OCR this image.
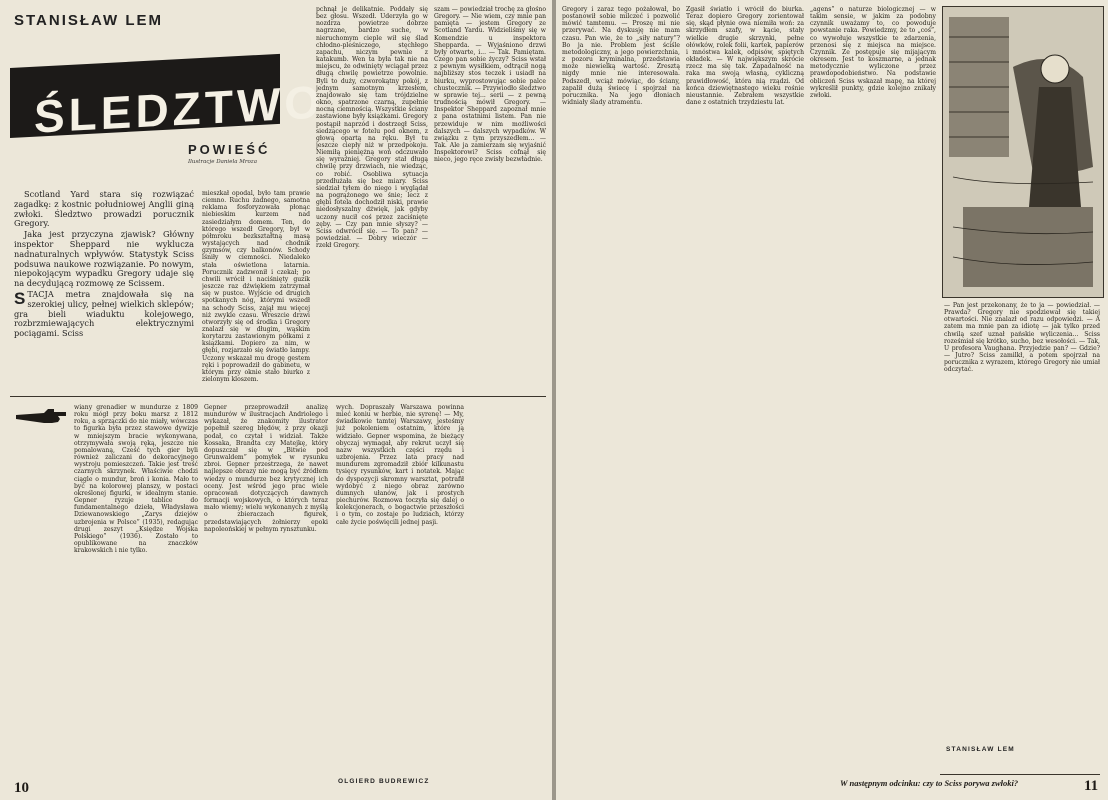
STANISŁAW LEM
ŚLEDZTWO
POWIEŚĆ
Ilustracje Daniela Mroza

Scotland Yard stara się rozwiązać zagadkę: z kostnic południowej Anglii giną zwłoki. Śledztwo prowadzi porucznik Gregory.

Jaka jest przyczyna zjawisk? Główny inspektor Sheppard nie wyklucza nadnaturalnych wpływów. Statystyk Sciss podsuwa naukowe rozwiązanie. Po nowym, niepokojącym wypadku Gregory udaje się na decydującą rozmowę ze Scissem.

STACJA metra znajdowała się na szerokiej ulicy, pełnej wielkich sklepów; gra bieli wiaduktu kolejowego, rozbrzmiewających elektrycznymi pociągami. Sciss

mieszkał opodal, było tam prawie ciemno. Ruchu żadnego, samotna reklama fosforyzowała płonąc niebieskim kurzem nad zasiedziałym domem. Ten, do którego wszedł Gregory, był w półmroku bezkształtną masą wystających nad chodnik gzymsów, czy balkonów. Schody lśniły w ciemności. Niedaleko stała oświetlona latarnia. Porucznik zadzwonił i czekał; po chwili wrócił i naciśnięty guzik jeszcze raz dźwiękiem zatrzymał się w pustce. Wyjście od drugich spotkanych nóg, którymi wszedł na schody Sciss, zajął mu więcej niż zwykle czasu. Wreszcie drzwi otworzyły się od środka i Gregory znalazł się w długim, wąskim korytarzu zastawionym półkami z książkami. Dopiero za nim, w głębi, rozjarzało się światło lampy. Uczony wskazał mu drogę gestem ręki i poprowadził do gabinetu, w którym przy oknie stało biurko z zielonym kloszem.
pchnął je delikatnie. Poddały się bez głosu. Wszedł. Uderzyła go w nozdrza powietrze dobrze nagrzane, bardzo suche, w nieruchomym cieple wił się ślad chłodno-pleśniczego, stęchłego zapachu, niczym pewnie z katakumb. Wen ta była tak nie na miejscu, że odwinięty wciągał przez długą chwilę powietrze powolnie. Byli to duży, czworokątny pokój, z jednym samotnym krzesłem, znajdowało się tam trójdzielne okno, spatrzone czarną, zupełnie nocną ciemnością. Wszystkie ściany zastawione były książkami. Gregory postąpił naprzód i dostrzegł Sciss, siedzącego w fotelu pod oknem, z głową opartą na ręku. Był tu jeszcze ciepły niż w przedpokoju. Niemiłą pieniężną woń odczuwało się wyraźniej. Gregory stał długą chwilę przy drzwiach, nie wiedząc, co robić. Osobliwa sytuacja przedłużała się bez miary. Sciss siedział tyłem do niego i wyglądał na pogrążonego we śnie; lecz z głębi fotela dochodził niski, prawie niedosłyszalny dźwięk, jak gdyby uczony nucił coś przez zaciśnięte zęby. — Czy pan mnie słyszy? — Sciss odwrócił się. — To pan? — powiedział. — Dobry wieczór — rzekł Gregory.
szam — powiedział trochę za głośno Gregory. — Nie wiem, czy mnie pan pamięta — jestem Gregory ze Scotland Yardu. Widzieliśmy się w Komendzie u inspektora Shepparda. — Wyjaśniono drzwi były otwarte, i... — Tak. Pamiętam. Czego pan sobie życzy? Sciss wstał z pewnym wysiłkiem, odtrącił nogą najbliższy stos teczek i usiadł na biurku, wyprostowując sobie palce chustecznik. — Przywiodło śledztwo w sprawie tej... serii — z pewną trudnością mówił Gregory. — Inspektor Sheppard zapoznał mnie z pana ostatnimi listem. Pan nie przewiduje w nim możliwości dalszych — dalszych wypadków. W związku z tym przyszedłem... — Tak. Ale ja zamierzam się wyjaśnić Inspektorowi? Sciss cofnął się nieco, jego ręce zwisły bezwładnie.
wiany grenadier w mundurze z 1809 roku mógł przy boku marsz z 1812 roku, a sprzączki do nie miały, wówczas to figurka była przez stawowe dywizje w mniejszym bracie wykonywana, otrzymywała swoją ręką, jeszcze nie pomalowaną, Cześć tych gier byli również zaliczani do dekoracyjnego wystroju pomieszczeń. Takie jest treść czarnych skrzynek. Właściwie chodzi ciągle o mundur, broń i konia. Mało to być na kolorowej planszy, w postaci określonej figurki, w idealnym stanie. Gepner ryzuje tablice do fundamentalnego dzieła, Władysława Dziewanowskiego „Zarys dziejów uzbrojenia w Polsce” (1935), redagując drugi zeszyt „Księdze Wojska Polskiego” (1936). Zostało to opublikowane na znaczków krakowskich i nie tylko.
Gepner przeprowadził analizę mundurów w ilustracjach Andriolego i wykazał, że znakomity ilustrator popełnił szereg błędów, z przy okazji podał, co czytał i widział. Także Kossaka, Brandta czy Matejkę, który dopuszczał się w „Bitwie pod Grunwaldem” pomyłek w rysunku zbroi. Gepner przestrzega, że nawet najlepsze obrazy nie mogą być źródłem wiedzy o mundurze bez krytycznej ich oceny. Jest wśród jego prac wiele opracowań dotyczących dawnych formacji wojskowych, o których teraz mało wiemy; wielu wykonanych z myślą o zbieraczach figurek, przedstawiających żołnierzy epoki napoleońskiej w pełnym rynsztunku.
wych. Dopraszały Warszawa powinna mieć koniu w herbie, nie syrenę! — My, świadkowie tamtej Warszawy, jesteśmy już pokoleniem ostatnim, które ją widziało. Gepner wspomina, że bieżący obyczaj wymagał, aby rekrut uczył się nazw wszystkich części rzędu i uzbrojenia. Przez lata pracy nad mundurem zgromadził zbiór kilkunastu tysięcy rysunków, kart i notatek. Mając do dyspozycji skromny warsztat, potrafił wydobyć z niego obraz zarówno dumnych ułanów, jak i prostych piechurów. Rozmowa toczyła się dalej o kolekcjonerach, o bogactwie przeszłości i o tym, co zostaje po ludziach, którzy całe życie poświęcili jednej pasji.
OLGIERD BUDREWICZ
10
Gregory i zaraz tego pożałował, bo postanowił sobie milczeć i pozwolić mówić tamtemu. — Proszę mi nie przerywać. Na dyskusję nie mam czasu. Pan wie, że to „siły natury”? Bo ja nie. Problem jest ściśle metodologiczny, a jego powierzchnia, z pozoru kryminalna, przedstawia może niewielką wartość. Zresztą nigdy mnie nie interesowała. Podszedł, wciąż mówiąc, do ściany, zapalił dużą świecę i spojrzał na porucznika. Na jego dłoniach widniały ślady atramentu.
Zgasił światło i wrócił do biurka. Teraz dopiero Gregory zorientował się, skąd płynie owa niemiła woń: za skrzydłem szafy, w kącie, stały wielkie drugie skrzynki, pełne ołówków, rolek folii, kartek, papierów i mnóstwa kalek, odpisów, spiętych okładek. — W największym skrócie rzecz ma się tak. Zapadalność na raka ma swoją własną, cykliczną prawidłowość, która nią rządzi. Od końca dziewiętnastego wieku rośnie nieustannie. Zebrałem wszystkie dane z ostatnich trzydziestu lat.
„agens” o naturze biologicznej — w takim sensie, w jakim za podobny czynnik uważamy to, co powoduje powstanie raka. Powiedzmy, że to „coś”, co wywołuje wszystkie te zdarzenia, przenosi się z miejsca na miejsce. Czynnik. Ze postępuje się mijającym okresem. Jest to koszmarne, a jednak metodycznie wyliczone przez prawdopodobieństwo. Na podstawie obliczeń Sciss wskazał mapę, na której wykreślił punkty, gdzie kolejno znikały zwłoki.
W następnym odcinku: czy to Sciss porywa zwłoki?	11
— Pan jest przekonany, że to ja — powiedział. — Prawda? Gregory nie spodziewał się takiej otwartości. Nie znalazł od razu odpowiedzi. — A zatem ma mnie pan za idiotę — jak tylko przed chwilą szef uznał pańskie wyliczenia... Sciss roześmiał się krótko, sucho, bez wesołości. — Tak, U profesora Vaughana. Przyjedzie pan? — Gdzie? — Jutro? Sciss zamilkł, a potem spojrzał na porucznika z wyrazem, którego Gregory nie umiał odczytać.
STANISŁAW LEM
